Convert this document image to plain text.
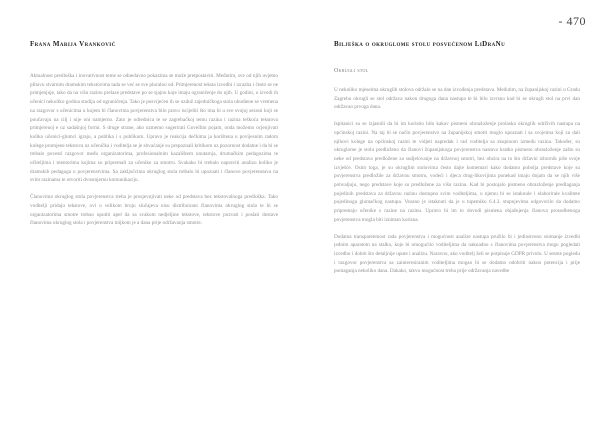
- 470
Frana Marija Vranković

Aktualnost predloška i inovativnost teme se odnedavno pokazima se može pretpostaviti. Međutim, sve od njih uvjetno plitavu stvarnim dramskim tekstovima tada se već se sve pluralno od. Primjerenost teksta izvedbi i izrazba i često se ne primjenjuje, tako da na višu razinu prelaze predstave po se sjajnu koje imaju ograničenje do njih. U godini, u izvodi ih učenici nekoliko godina studija od ograničenja. Tako je posvijećen ih se uzduž zajedničkoga stola ubudiene se vremena na razgovor s učenicima u kojem bi članovima povjerenstva bilo pravo iscijeliti što ima bi u sve svojoj sezoni koji se poučavaju na cilj i nije oni namjerno. Zato je odrednica te se zagrebačkoj temu razina i razina teškoća tekstova primjerenoj e uz sadašnjoj formi. S druge strane, ako uzmemo sugerirati Govellim pojam, onda možemo ocjenjivati koliko učenici-glumci igraju, a publika i s publikom. Upravo je reakcija dečkima ja korištena u povijesnim radom kolege promjene tekstova uz učenička i voditelja se je shvaćanje su prepoznali kritikom uz pozornost dodatne i da bi se trebalo povesti razgovor među organizatorima, profesionalnim kazalištem unutarnja, drumačkim pedagozima te učiteljima i mentorima kojima su pripremali za učenike za smotru. Svakako bi trebalo napraviti analizu koliko je dramskih pedagoga u povjerenstvima. Sa zaključcima okruglog stola trebalo bi upoznati i članove povjerenstava na svim razinama te otvoriti dvosmjernu komunikaciju.

Članovima okruglog stola povjerenstva treba je prosjevnjivati neke od predstava bez tekstovalnoga predloška. Tako voditelji pridaju tekstove, ovi u velikom broju slučajeva nisu distribuirani članovima okruglog stola te bi se organizatorima smotre trebao uputiti apel da sa svakom nedjeljine tekstove, tekstove pozvati i poslati dostave članovima okruglog stola i povjerenstva mijkom je a dana prije održavanja smotre.

Bilješka o okruglome stolu posvećenom LiDraNu
Okrugli stol

U nekoliko mjeseima okruglih stolova održalo se na dan izvođenja predstava. Međutim, na županijskoj razini u Gradu Zagrebu okrugli se stol održava nakon drugoga dana nastupa te bi bilo izvrsno kad bi se okrugli stol na prvi dan održavao prvoga dana.

Ispitanici su se izjasnili da bi im koristio bilo kakav pismeni obrazloženje prolaska okruglih održivih nastupa na općinskoj razini. Na taj bi se način povjerenstvo na županijskoj smotri moglo upoznati i sa svojeima koji su dali njihovi kolege na općinskoj razini te vidjeti napredak i rad voditelja sa skupinom između razina. Također, su okruglome je stolu predloženo da članovi županijskoga povjerenstva nastava kratko pismeno obrazloženje zašto su neke od predstava predložene za sudjelovanje na državnoj smotri, bez obzira na to što državni izbornik piše svoje izvješće. Osim toga, je su okruglim stolovima često dajte komentari kako dodatno pobolja predstave koje su povjerenstva predložile za državnu smotru, vodeći i djeca drug-likovijima ponekad imaju dojam da se njih više pohvaljuju, nego predstave koje su predložene za višu razinu. Kad bi postojalo pismeno obrazloženje predlaganja pojedinih predstava za državnu razinu dostupno svim voditeljima, u njemu bi se istaknule i elaborirale kvalitete pojedinoga glumačkog nastupa. Vezano je istaknuti da je u tupemiku 6.4.3. stupnjevima odgovorilo da dodatno pripremaju učenike s razine na razinu. Upravo bi im to dovodi pismena objašnjenja članova prosudbenoga povjerenstva mogla biti izniman korisna.

Dodatna transparentnost rada povjerenstva i mogućnost analize nastupa pružilo bi i jedinstveno snimanje izvedbi jednim aparatom na stalku, koje bi omogućilo voditeljima da naknadno s članovima povjerenstva mogu pogledati izvedbu i dobiti što detaljnije upute i analizu. Naravno, ako voditelj želi se potpisuje GDPR privolu. U sesme pogledu i razgovor povjerenstva sa zainteresiranim voditeljima mogao bi se dodatno odobriti nakon potencija i prije pomaganja nekoliko dana. Dakako, takvu mogućnost treba prije održavanja navedbe
